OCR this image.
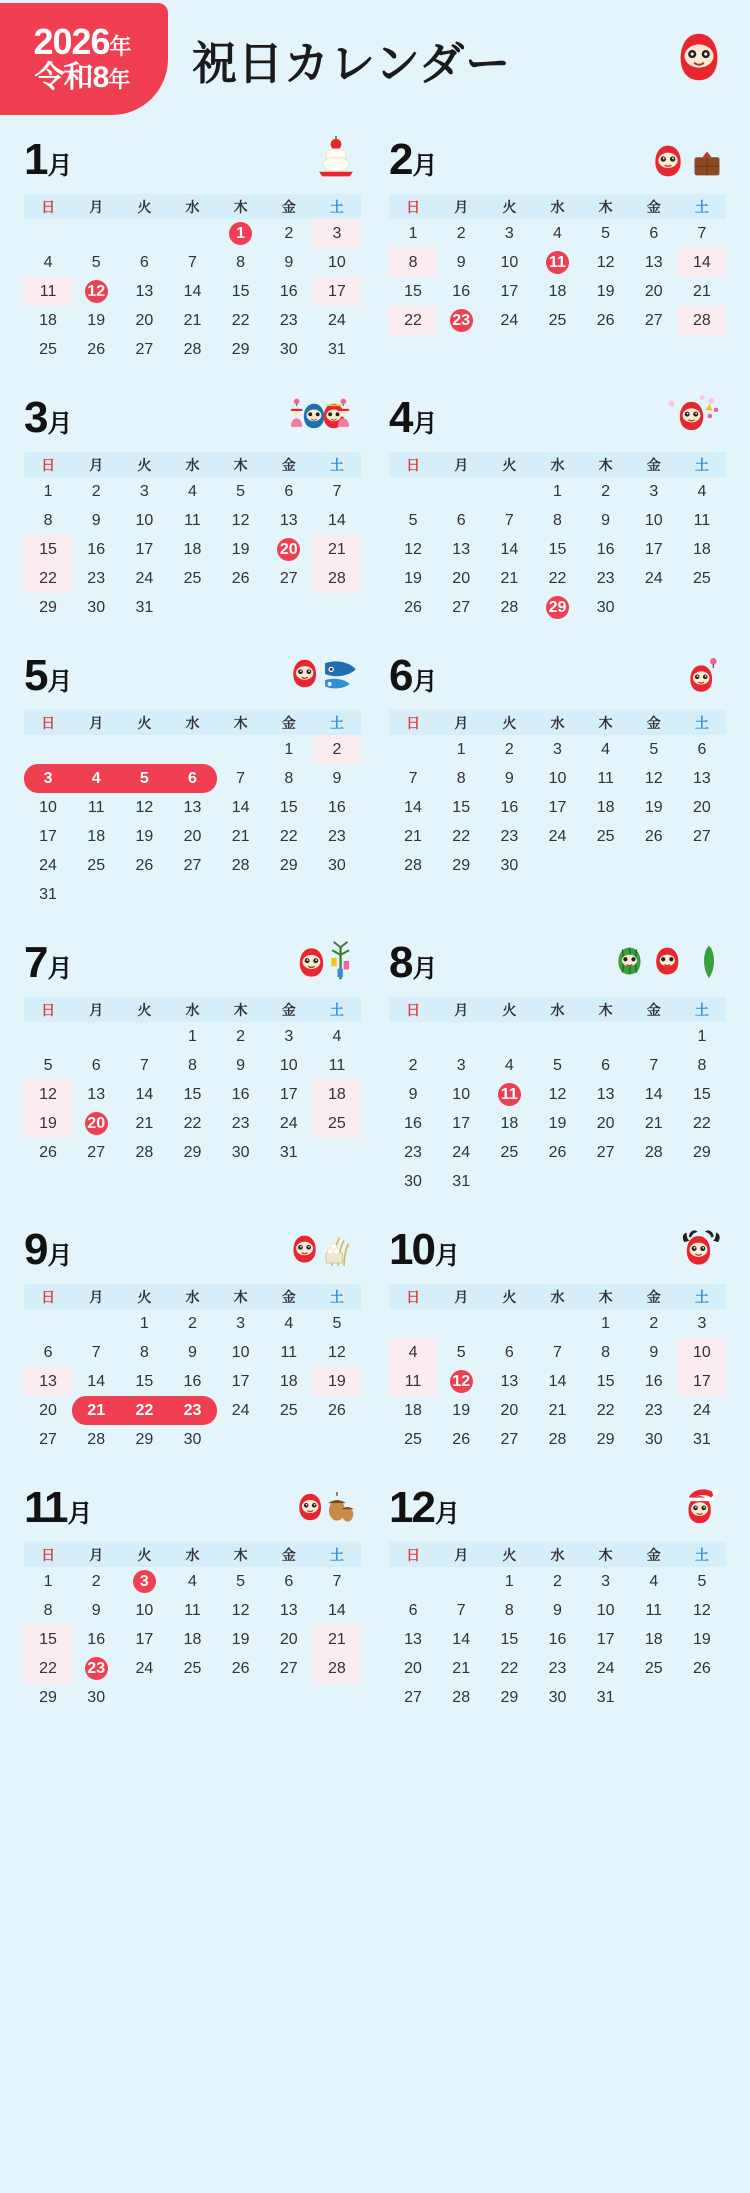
2026年
令和8年 祝日カレンダー
1月
日	月	火	水	木	金	土
				1	2	3
4	5	6	7	8	9	10
11	12	13	14	15	16	17
18	19	20	21	22	23	24
25	26	27	28	29	30	31
2月
日	月	火	水	木	金	土
1	2	3	4	5	6	7
8	9	10	11	12	13	14
15	16	17	18	19	20	21
22	23	24	25	26	27	28
3月
日	月	火	水	木	金	土
1	2	3	4	5	6	7
8	9	10	11	12	13	14
15	16	17	18	19	20	21
22	23	24	25	26	27	28
29	30	31				
4月
日	月	火	水	木	金	土
			1	2	3	4
5	6	7	8	9	10	11
12	13	14	15	16	17	18
19	20	21	22	23	24	25
26	27	28	29	30		
5月
日	月	火	水	木	金	土
					1	2
3	4	5	6	7	8	9
10	11	12	13	14	15	16
17	18	19	20	21	22	23
24	25	26	27	28	29	30
31						
6月
日	月	火	水	木	金	土
	1	2	3	4	5	6
7	8	9	10	11	12	13
14	15	16	17	18	19	20
21	22	23	24	25	26	27
28	29	30				
7月
日	月	火	水	木	金	土
			1	2	3	4
5	6	7	8	9	10	11
12	13	14	15	16	17	18
19	20	21	22	23	24	25
26	27	28	29	30	31	
8月
日	月	火	水	木	金	土
						1
2	3	4	5	6	7	8
9	10	11	12	13	14	15
16	17	18	19	20	21	22
23	24	25	26	27	28	29
30	31					
9月
日	月	火	水	木	金	土
		1	2	3	4	5
6	7	8	9	10	11	12
13	14	15	16	17	18	19
20	21	22	23	24	25	26
27	28	29	30			
10月
日	月	火	水	木	金	土
				1	2	3
4	5	6	7	8	9	10
11	12	13	14	15	16	17
18	19	20	21	22	23	24
25	26	27	28	29	30	31
11月
日	月	火	水	木	金	土
1	2	3	4	5	6	7
8	9	10	11	12	13	14
15	16	17	18	19	20	21
22	23	24	25	26	27	28
29	30					
12月
日	月	火	水	木	金	土
		1	2	3	4	5
6	7	8	9	10	11	12
13	14	15	16	17	18	19
20	21	22	23	24	25	26
27	28	29	30	31		
